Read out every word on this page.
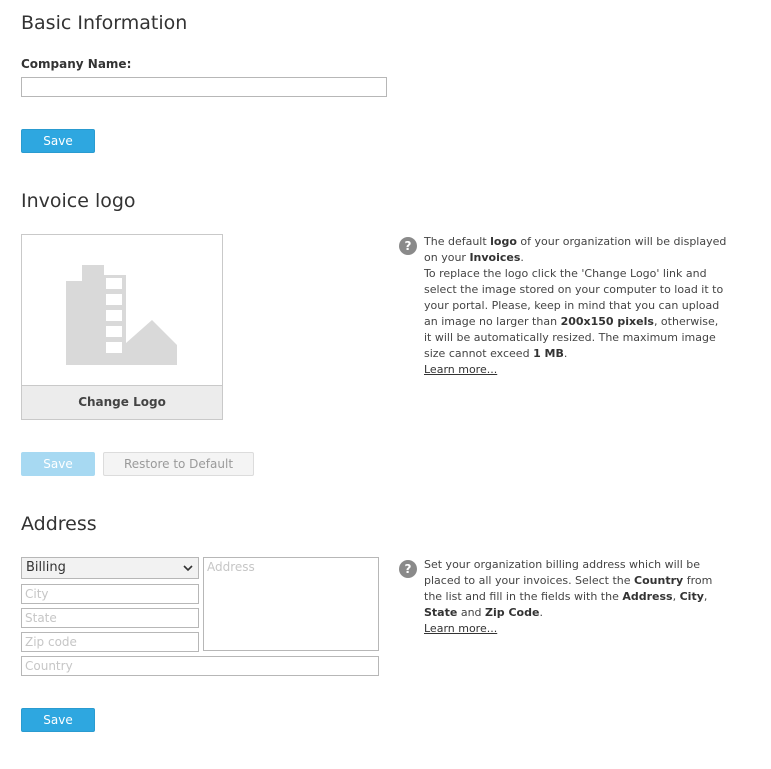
Basic Information
Company Name:
Save
Invoice logo
Change Logo
?	The default logo of your organization will be displayed on your Invoices.
To replace the logo click the 'Change Logo' link and select the image stored on your computer to load it to your portal. Please, keep in mind that you can upload an image no larger than 200x150 pixels, otherwise, it will be automatically resized. The maximum image size cannot exceed 1 MB.
Learn more...
Save	Restore to Default
Address
Billing
City
State
Zip code
Address
Country	?	Set your organization billing address which will be placed to all your invoices. Select the Country from the list and fill in the fields with the Address, City, State and Zip Code.
Learn more...
Save
